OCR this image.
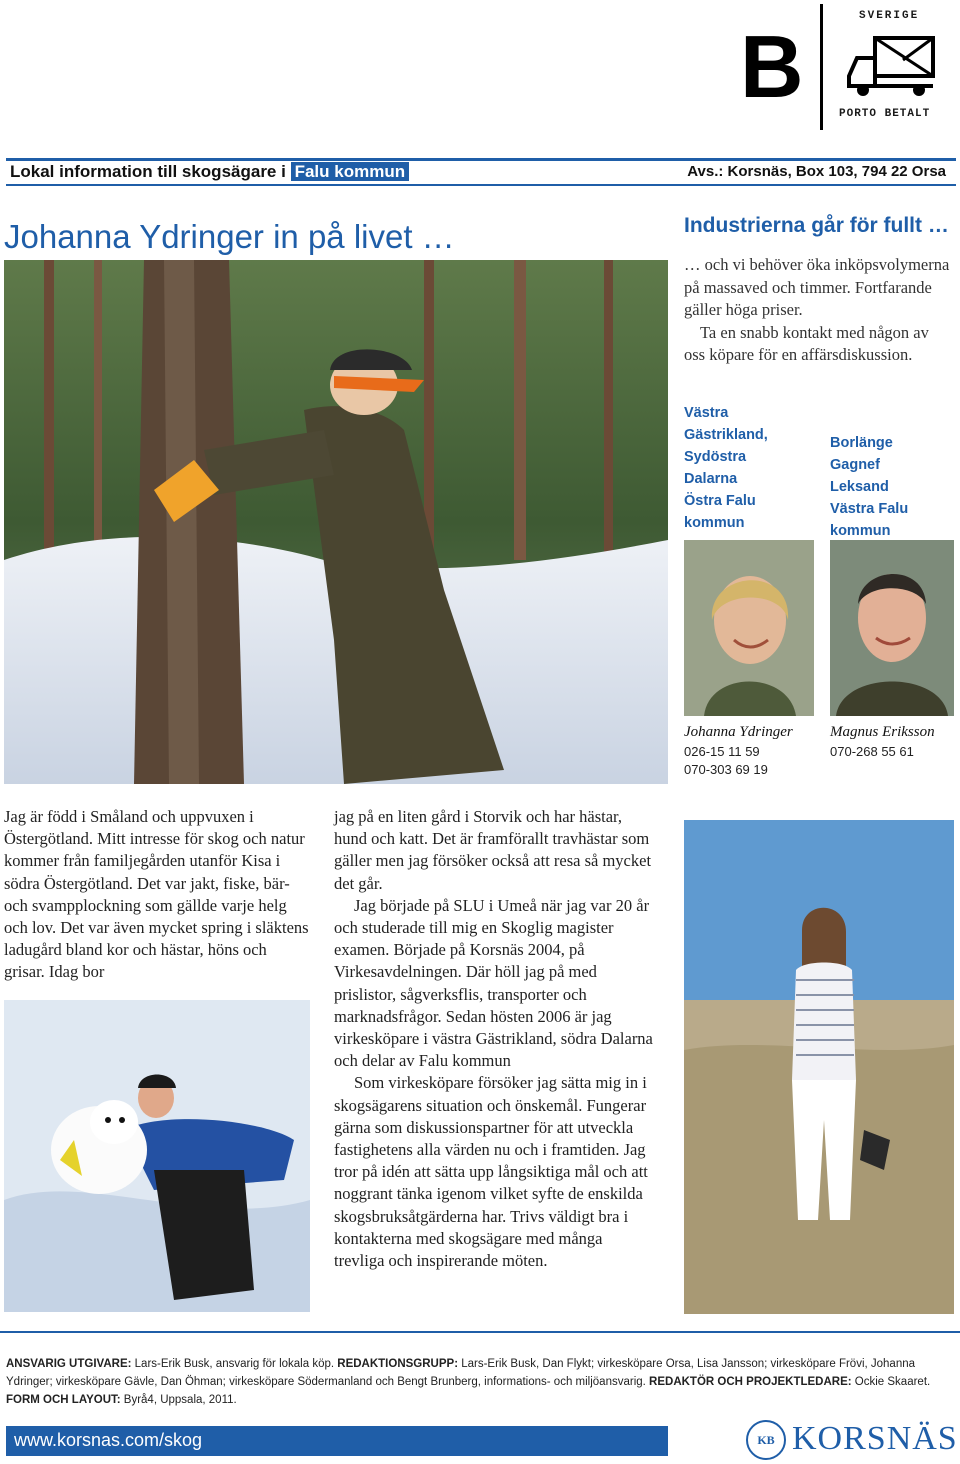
B
SVERIGE
PORTO BETALT
Lokal information till skogsägare i Falu kommun	Avs.: Korsnäs, Box 103, 794 22 Orsa
Johanna Ydringer in på livet …	Industrierna går för fullt …

… och vi behöver öka inköpsvolymerna på massaved och timmer. Fortfarande gäller höga priser.

Ta en snabb kontakt med någon av oss köpare för en affärsdiskussion.

Västra
Gästrikland,
Sydöstra
Dalarna
Östra Falu
kommun
Borlänge
Gagnef
Leksand
Västra Falu
kommun
Johanna Ydringer
026-15 11 59
070-303 69 19
Magnus Eriksson
070-268 55 61
Jag är född i Småland och uppvuxen i Östergötland. Mitt intresse för skog och natur kommer från familjegården utanför Kisa i södra Östergötland. Det var jakt, fiske, bär- och svampplockning som gällde varje helg och lov. Det var även mycket spring i släktens ladugård bland kor och hästar, höns och grisar. Idag bor

jag på en liten gård i Storvik och har hästar, hund och katt. Det är framförallt travhästar som gäller men jag försöker också att resa så mycket det går.

Jag började på SLU i Umeå när jag var 20 år och studerade till mig en Skoglig magister examen. Började på Korsnäs 2004, på Virkesavdelningen. Där höll jag på med prislistor, sågverksflis, transporter och marknadsfrågor. Sedan hösten 2006 är jag virkesköpare i västra Gästrikland, södra Dalarna och delar av Falu kommun

Som virkesköpare försöker jag sätta mig in i skogsägarens situation och önskemål. Fungerar gärna som diskussionspartner för att utveckla fastighetens alla värden nu och i framtiden. Jag tror på idén att sätta upp långsiktiga mål och att noggrant tänka igenom vilket syfte de enskilda skogsbruksåtgärderna har. Trivs väldigt bra i kontakterna med skogsägare med många trevliga och inspirerande möten.

ANSVARIG UTGIVARE: Lars-Erik Busk, ansvarig för lokala köp. REDAKTIONSGRUPP: Lars-Erik Busk, Dan Flykt; virkesköpare Orsa, Lisa Jansson; virkesköpare Frövi, Johanna Ydringer; virkesköpare Gävle, Dan Öhman; virkesköpare Södermanland och Bengt Brunberg, informations- och miljöansvarig. REDAKTÖR OCH PROJEKTLEDARE: Ockie Skaaret. FORM OCH LAYOUT: Byrå4, Uppsala, 2011.
www.korsnas.com/skog	KB KORSNÄS
